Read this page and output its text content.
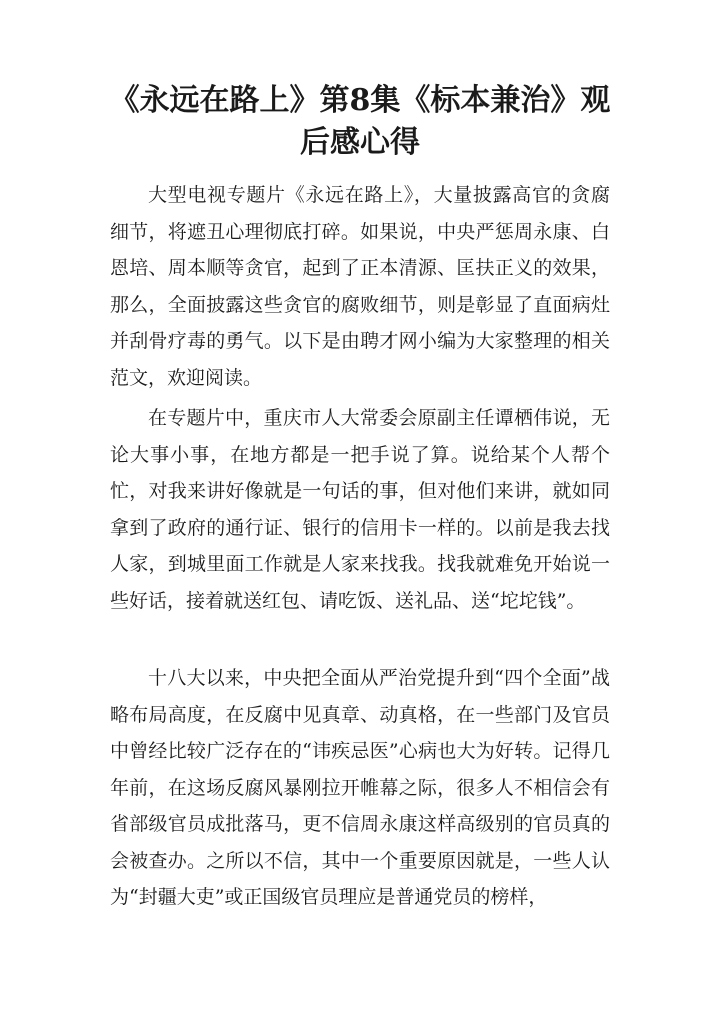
《永远在路上》第8集《标本兼治》观后感心得

大型电视专题片《永远在路上》，大量披露高官的贪腐细节，将遮丑心理彻底打碎。如果说，中央严惩周永康、白恩培、周本顺等贪官，起到了正本清源、匡扶正义的效果，那么，全面披露这些贪官的腐败细节，则是彰显了直面病灶并刮骨疗毒的勇气。以下是由聘才网小编为大家整理的相关范文，欢迎阅读。

在专题片中，重庆市人大常委会原副主任谭栖伟说，无论大事小事，在地方都是一把手说了算。说给某个人帮个忙，对我来讲好像就是一句话的事，但对他们来讲，就如同拿到了政府的通行证、银行的信用卡一样的。以前是我去找人家，到城里面工作就是人家来找我。找我就难免开始说一些好话，接着就送红包、请吃饭、送礼品、送“坨坨钱”。

十八大以来，中央把全面从严治党提升到“四个全面”战略布局高度，在反腐中见真章、动真格，在一些部门及官员中曾经比较广泛存在的“讳疾忌医”心病也大为好转。记得几年前，在这场反腐风暴刚拉开帷幕之际，很多人不相信会有省部级官员成批落马，更不信周永康这样高级别的官员真的会被查办。之所以不信，其中一个重要原因就是，一些人认为“封疆大吏”或正国级官员理应是普通党员的榜样，
